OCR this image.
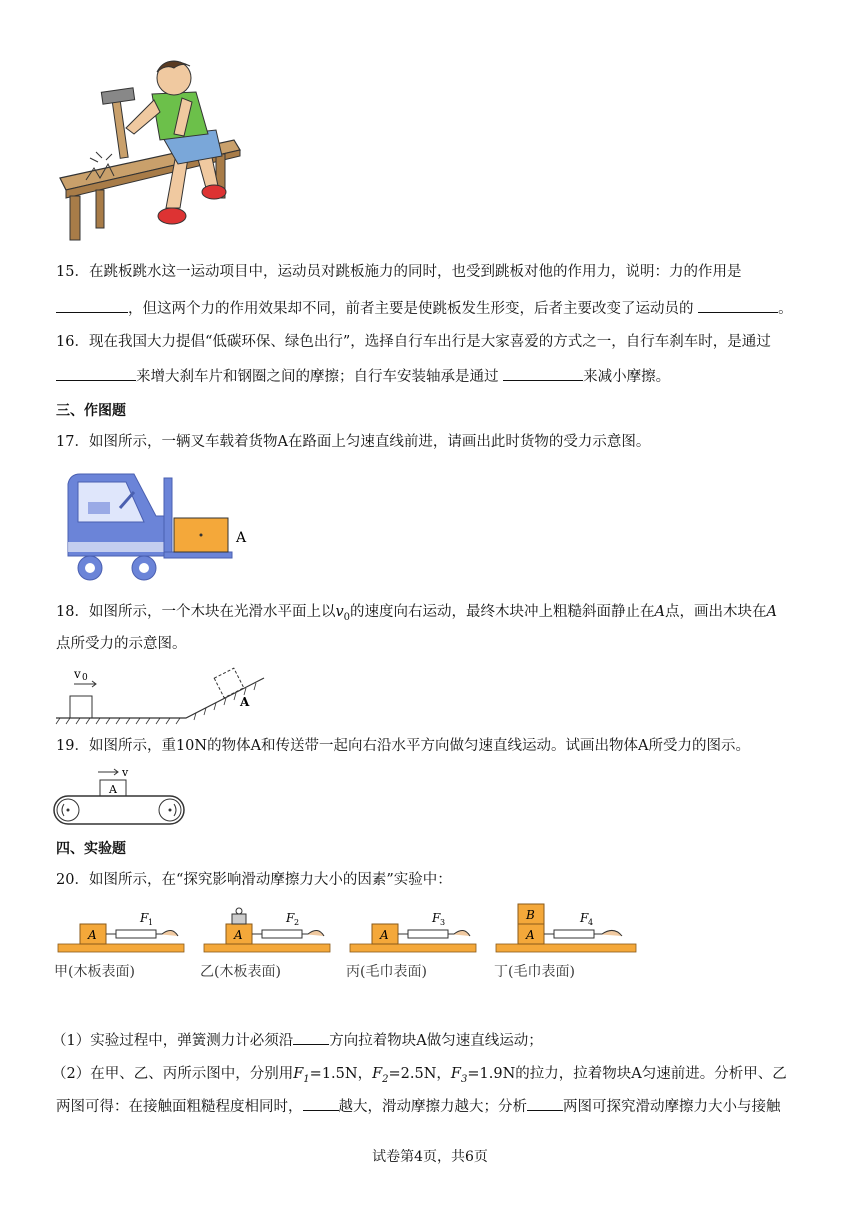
15．在跳板跳水这一运动项目中，运动员对跳板施力的同时，也受到跳板对他的作用力，说明：力的作用是
，但这两个力的作用效果却不同，前者主要是使跳板发生形变，后者主要改变了运动员的	。
16．现在我国大力提倡“低碳环保、绿色出行”，选择自行车出行是大家喜爱的方式之一，自行车刹车时，是通过
来增大刹车片和钢圈之间的摩擦；自行车安装轴承是通过	来减小摩擦。
三、作图题
17．如图所示，一辆叉车载着货物A在路面上匀速直线前进，请画出此时货物的受力示意图。
A
18．如图所示，一个木块在光滑水平面上以$v_0$的速度向右运动，最终木块冲上粗糙斜面静止在A点，画出木块在A
点所受力的示意图。
v 0
A
19．如图所示，重10N的物体A和传送带一起向右沿水平方向做匀速直线运动。试画出物体A所受力的图示。
v
A
四、实验题
20．如图所示，在“探究影响滑动摩擦力大小的因素”实验中：
A
F 1
甲(木板表面)
A
F 2
乙(木板表面)
A
F 3
丙(毛巾表面)
A
B	F 4
丁(毛巾表面)
（1）实验过程中，弹簧测力计必须沿 方向拉着物块A做匀速直线运动；
（2）在甲、乙、丙所示图中，分别用$F_1=1.5N$，$F_2=2.5N$，$F_3=1.9N$的拉力，拉着物块A匀速前进。分析甲、乙
两图可得：在接触面粗糙程度相同时， 越大，滑动摩擦力越大；分析 两图可探究滑动摩擦力大小与接触
试卷第4页，共6页
